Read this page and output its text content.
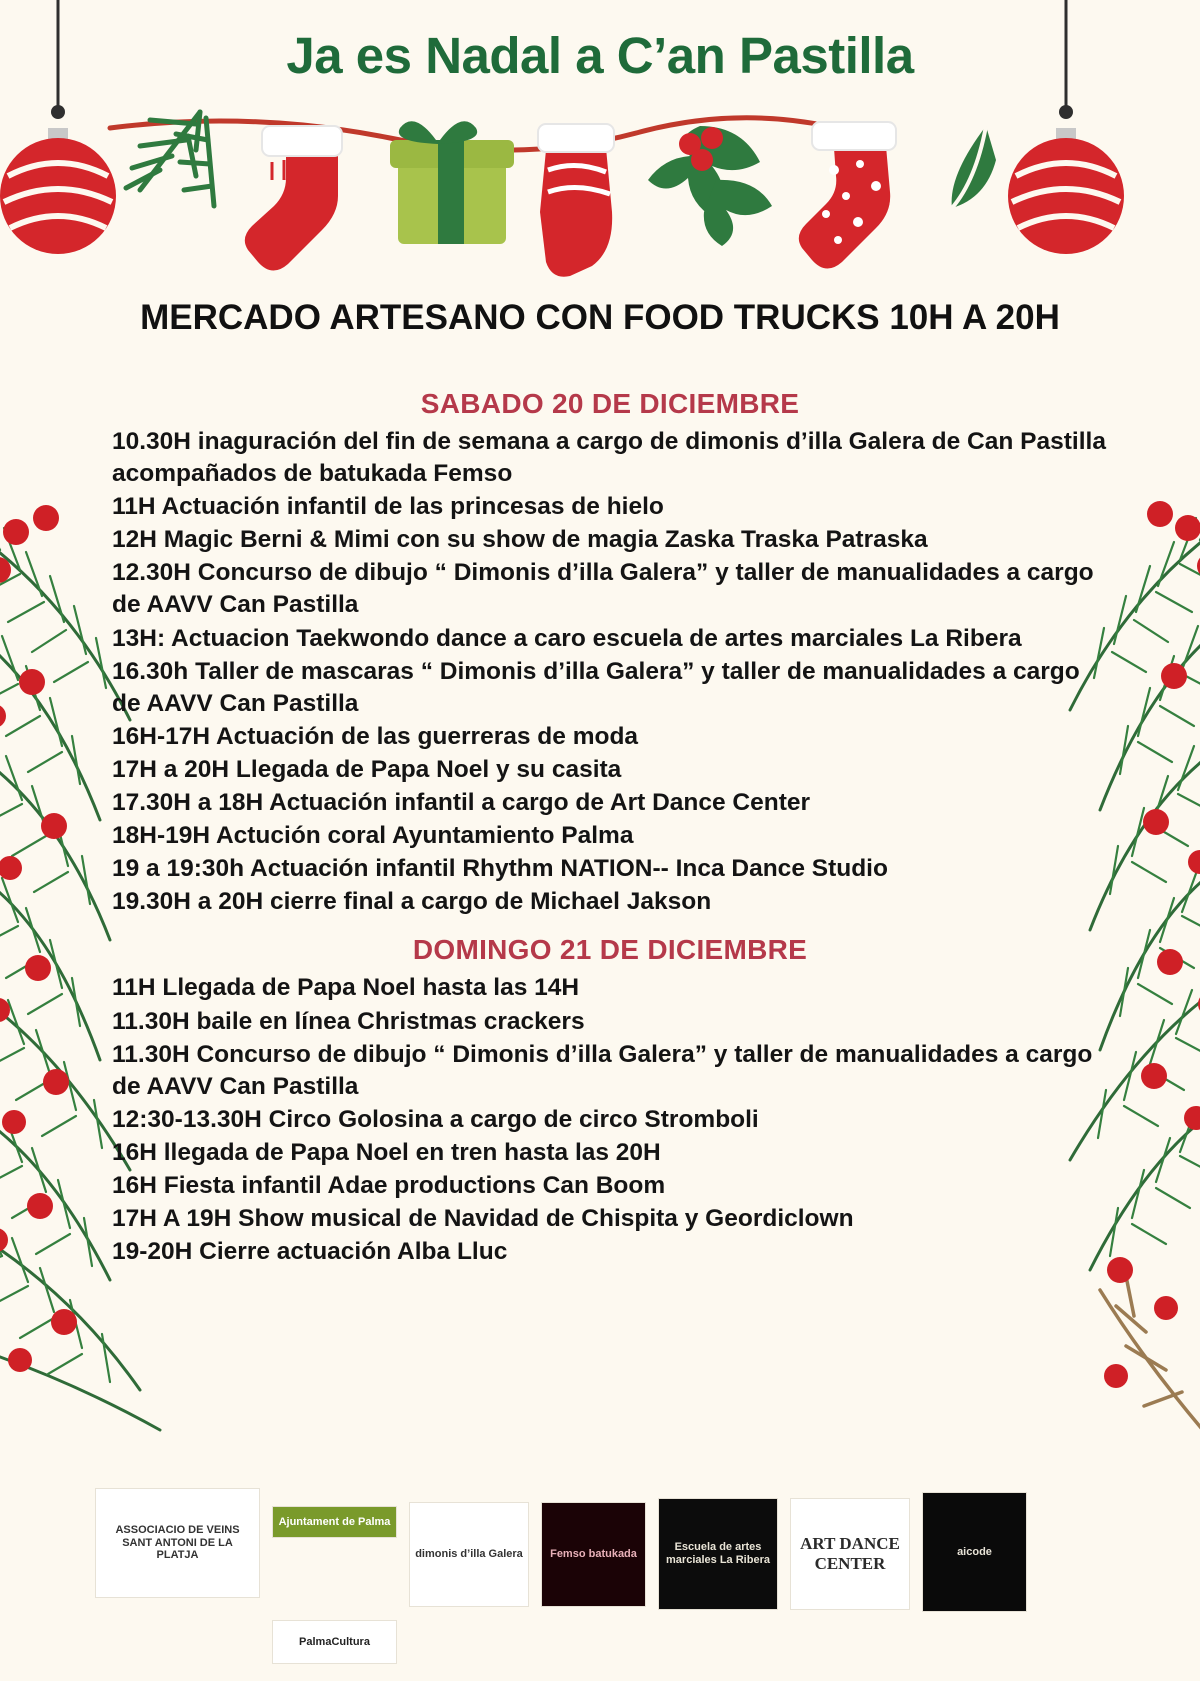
Ja es Nadal a C’an Pastilla
MERCADO ARTESANO CON FOOD TRUCKS 10H A 20H
SABADO 20 DE DICIEMBRE

10.30H inaguración del fin de semana a cargo de dimonis d’illa Galera de Can Pastilla acompañados de batukada Femso

11H Actuación infantil de las princesas de hielo

12H Magic Berni & Mimi con su show de magia Zaska Traska Patraska

12.30H Concurso de dibujo “ Dimonis d’illa Galera” y taller de manualidades a cargo de AAVV Can Pastilla

13H: Actuacion Taekwondo dance a caro escuela de artes marciales La Ribera

16.30h Taller de mascaras “ Dimonis d’illa Galera” y taller de manualidades a cargo de AAVV Can Pastilla

16H-17H Actuación de las guerreras de moda

17H a 20H Llegada de Papa Noel y su casita

17.30H a 18H Actuación infantil a cargo de Art Dance Center

18H-19H Actución coral Ayuntamiento Palma

19 a 19:30h Actuación infantil Rhythm NATION-- Inca Dance Studio

19.30H a 20H cierre final a cargo de Michael Jakson

DOMINGO 21 DE DICIEMBRE

11H Llegada de Papa Noel hasta las 14H

11.30H baile en línea Christmas crackers

11.30H Concurso de dibujo “ Dimonis d’illa Galera” y taller de manualidades a cargo de AAVV Can Pastilla

12:30-13.30H Circo Golosina a cargo de circo Stromboli

16H llegada de Papa Noel en tren hasta las 20H

16H Fiesta infantil Adae productions Can Boom

17H A 19H Show musical de Navidad de Chispita y Geordiclown

19-20H Cierre actuación Alba Lluc

ASSOCIACIO DE VEINS SANT ANTONI DE LA PLATJA
Ajuntament de Palma
PalmaCultura
dimonis d’illa Galera	Femso batukada
Escuela de artes marciales La Ribera
ART DANCE CENTER
aicode
